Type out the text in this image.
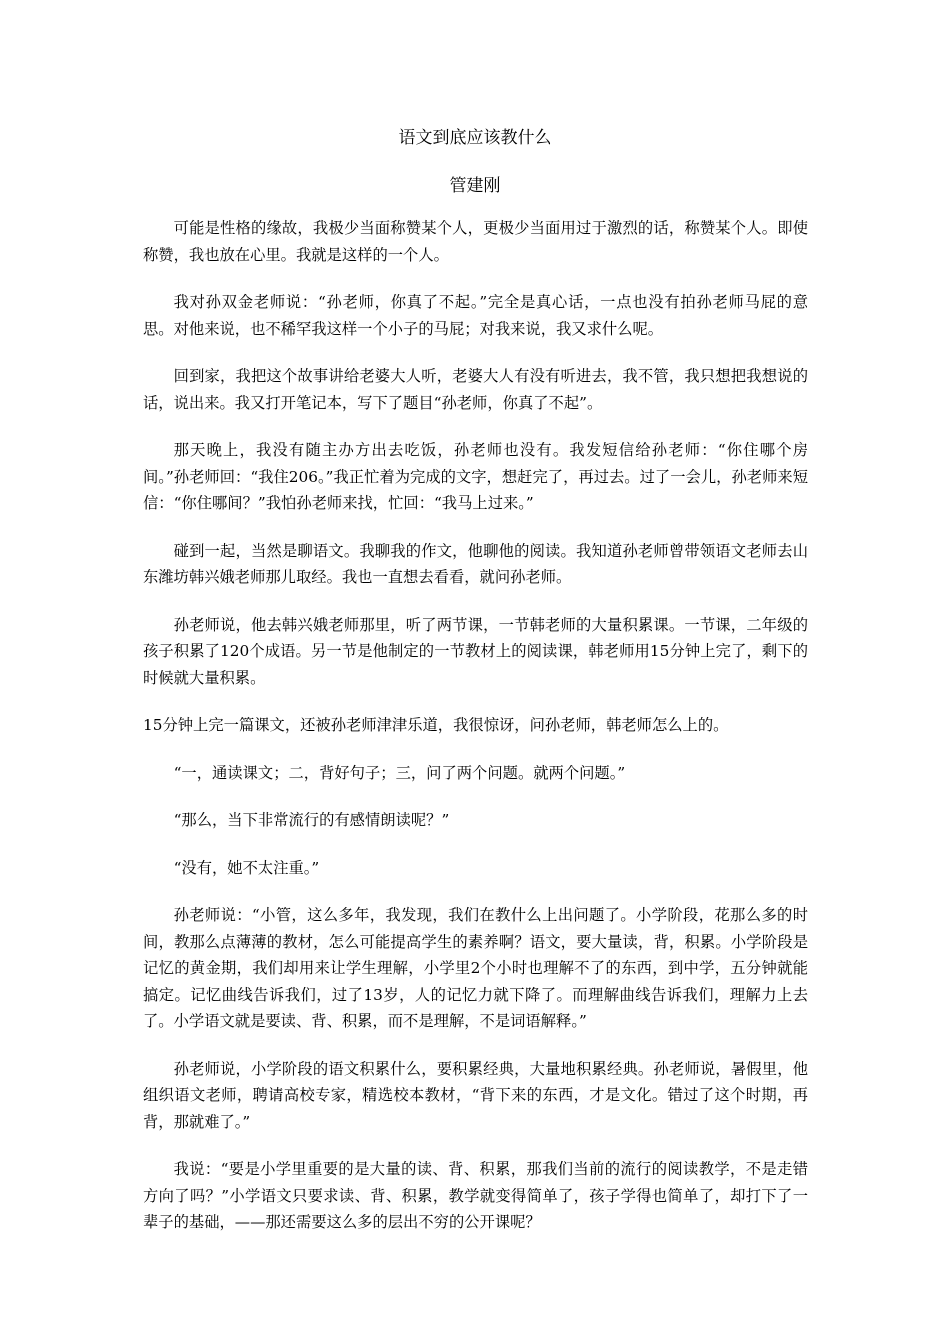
语文到底应该教什么
管建刚

可能是性格的缘故，我极少当面称赞某个人，更极少当面用过于激烈的话，称赞某个人。即使称赞，我也放在心里。我就是这样的一个人。

我对孙双金老师说：“孙老师，你真了不起。”完全是真心话，一点也没有拍孙老师马屁的意思。对他来说，也不稀罕我这样一个小子的马屁；对我来说，我又求什么呢。

回到家，我把这个故事讲给老婆大人听，老婆大人有没有听进去，我不管，我只想把我想说的话，说出来。我又打开笔记本，写下了题目“孙老师，你真了不起”。

那天晚上，我没有随主办方出去吃饭，孙老师也没有。我发短信给孙老师：“你住哪个房间。”孙老师回：“我住206。”我正忙着为完成的文字，想赶完了，再过去。过了一会儿，孙老师来短信：“你住哪间？”我怕孙老师来找，忙回：“我马上过来。”

碰到一起，当然是聊语文。我聊我的作文，他聊他的阅读。我知道孙老师曾带领语文老师去山东潍坊韩兴娥老师那儿取经。我也一直想去看看，就问孙老师。

孙老师说，他去韩兴娥老师那里，听了两节课，一节韩老师的大量积累课。一节课，二年级的孩子积累了120个成语。另一节是他制定的一节教材上的阅读课，韩老师用15分钟上完了，剩下的时候就大量积累。

15分钟上完一篇课文，还被孙老师津津乐道，我很惊讶，问孙老师，韩老师怎么上的。

“一，通读课文；二，背好句子；三，问了两个问题。就两个问题。”

“那么，当下非常流行的有感情朗读呢？”

“没有，她不太注重。”

孙老师说：“小管，这么多年，我发现，我们在教什么上出问题了。小学阶段，花那么多的时间，教那么点薄薄的教材，怎么可能提高学生的素养啊？语文，要大量读，背，积累。小学阶段是记忆的黄金期，我们却用来让学生理解，小学里2个小时也理解不了的东西，到中学，五分钟就能搞定。记忆曲线告诉我们，过了13岁，人的记忆力就下降了。而理解曲线告诉我们，理解力上去了。小学语文就是要读、背、积累，而不是理解，不是词语解释。”

孙老师说，小学阶段的语文积累什么，要积累经典，大量地积累经典。孙老师说，暑假里，他组织语文老师，聘请高校专家，精选校本教材，“背下来的东西，才是文化。错过了这个时期，再背，那就难了。”

我说：“要是小学里重要的是大量的读、背、积累，那我们当前的流行的阅读教学，不是走错方向了吗？”小学语文只要求读、背、积累，教学就变得简单了，孩子学得也简单了，却打下了一辈子的基础，——那还需要这么多的层出不穷的公开课呢？
